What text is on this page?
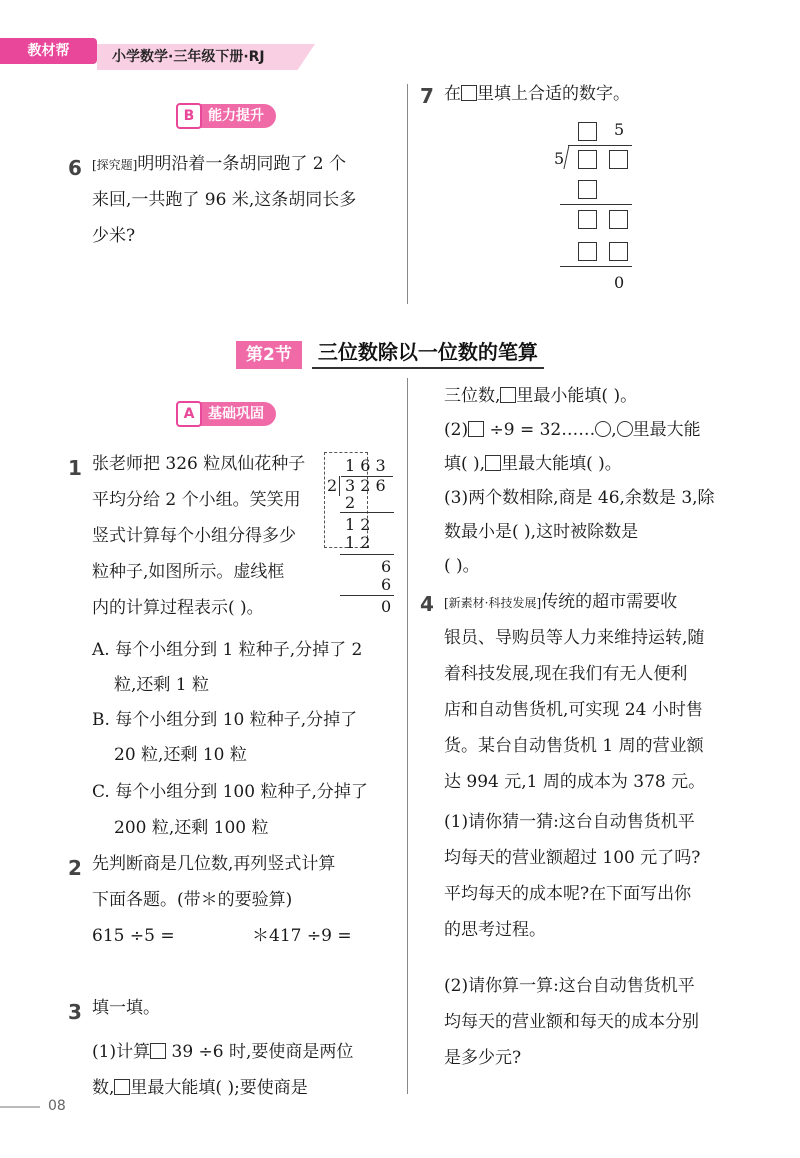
教材帮	小学数学·三年级下册·RJ
B 能力提升
6 [探究题]明明沿着一条胡同跑了 2 个
来回,一共跑了 96 米,这条胡同长多
少米?
7 在 里填上合适的数字。
5
5
0
第2节	三位数除以一位数的笔算
A 基础巩固
1 张老师把 326 粒凤仙花种子
平均分给 2 个小组。笑笑用
竖式计算每个小组分得多少
粒种子,如图所示。虚线框
内的计算过程表示( )。
1 6 3
2 3 2 6
2
1 2
1 2
6
6
0
A. 每个小组分到 1 粒种子,分掉了 2
粒,还剩 1 粒
B. 每个小组分到 10 粒种子,分掉了
20 粒,还剩 10 粒
C. 每个小组分到 100 粒种子,分掉了
200 粒,还剩 100 粒
2 先判断商是几位数,再列竖式计算
下面各题。(带＊的要验算)
615 ÷5 =	＊417 ÷9 =
3 填一填。
(1)计算 39 ÷6 时,要使商是两位
数, 里最大能填( );要使商是
三位数, 里最小能填( )。
(2) ÷9 = 32…… , 里最大能
填( ), 里最大能填( )。
(3)两个数相除,商是 46,余数是 3,除
数最小是( ),这时被除数是
( )。
4 [新素材·科技发展]传统的超市需要收
银员、导购员等人力来维持运转,随
着科技发展,现在我们有无人便利
店和自动售货机,可实现 24 小时售
货。某台自动售货机 1 周的营业额
达 994 元,1 周的成本为 378 元。
(1)请你猜一猜:这台自动售货机平
均每天的营业额超过 100 元了吗?
平均每天的成本呢?在下面写出你
的思考过程。
(2)请你算一算:这台自动售货机平
均每天的营业额和每天的成本分别
是多少元?
08
